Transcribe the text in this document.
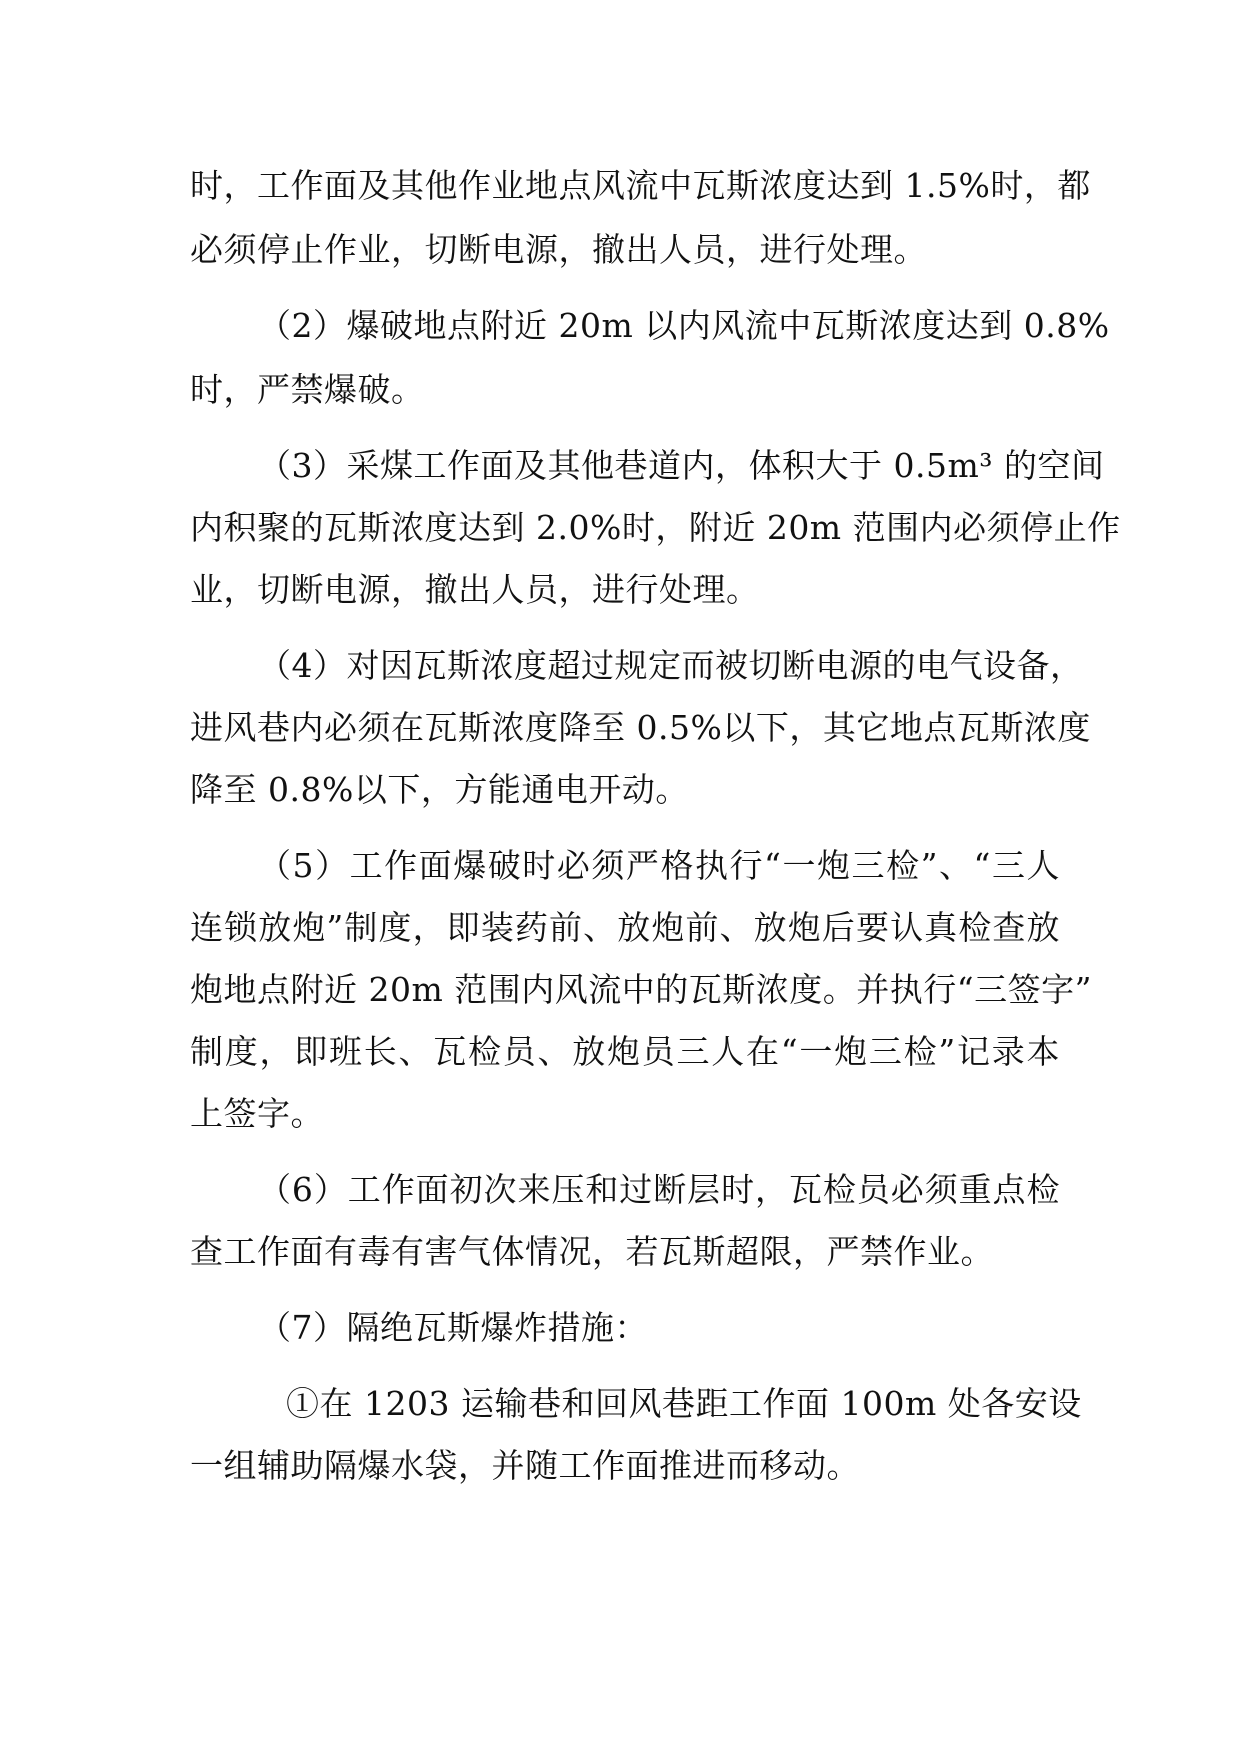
时，工作面及其他作业地点风流中瓦斯浓度达到 1.5%时，都
必须停止作业，切断电源，撤出人员，进行处理。
（2）爆破地点附近 20m 以内风流中瓦斯浓度达到 0.8%
时，严禁爆破。
（3）采煤工作面及其他巷道内，体积大于 0.5m³ 的空间
内积聚的瓦斯浓度达到 2.0%时，附近 20m 范围内必须停止作
业，切断电源，撤出人员，进行处理。
（4）对因瓦斯浓度超过规定而被切断电源的电气设备，
进风巷内必须在瓦斯浓度降至 0.5%以下，其它地点瓦斯浓度
降至 0.8%以下，方能通电开动。
（5）工作面爆破时必须严格执行“一炮三检”、“三人
连锁放炮”制度，即装药前、放炮前、放炮后要认真检查放
炮地点附近 20m 范围内风流中的瓦斯浓度。并执行“三签字”
制度，即班长、瓦检员、放炮员三人在“一炮三检”记录本
上签字。
（6）工作面初次来压和过断层时，瓦检员必须重点检
查工作面有毒有害气体情况，若瓦斯超限，严禁作业。
（7）隔绝瓦斯爆炸措施：
①在 1203 运输巷和回风巷距工作面 100m 处各安设
一组辅助隔爆水袋，并随工作面推进而移动。
